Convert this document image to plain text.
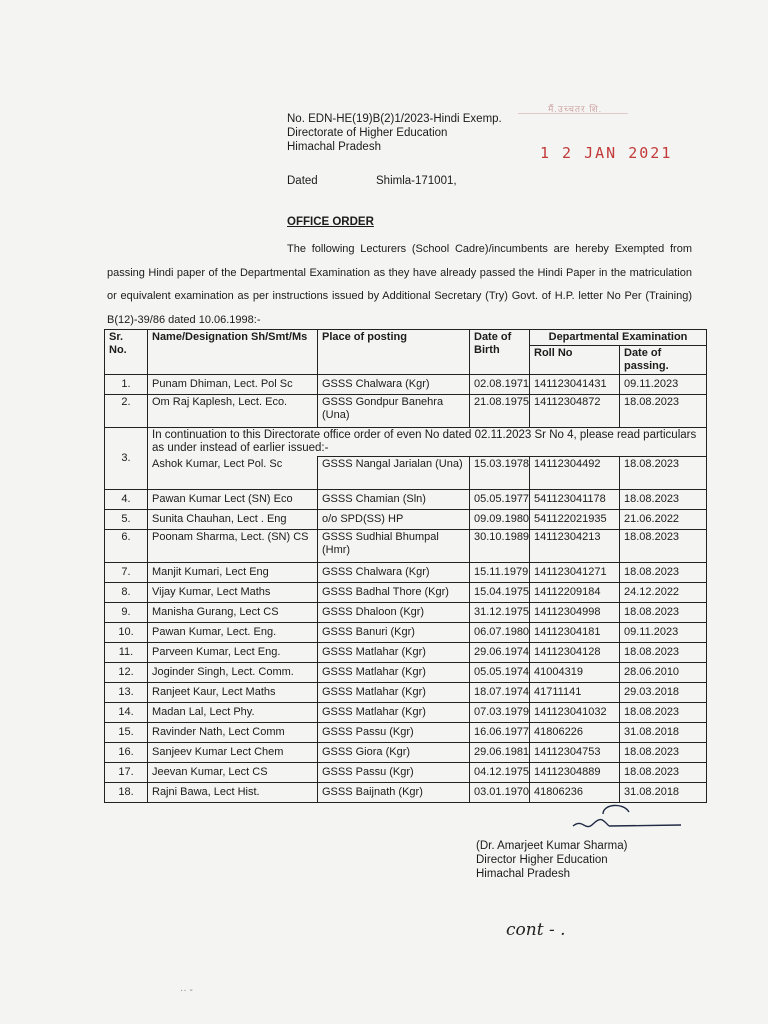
No. EDN-HE(19)B(2)1/2023-Hindi Exemp.
Directorate of Higher Education
Himachal Pradesh
मैं.उच्चतर शि.
1 2 JAN 2021
Dated	Shimla-171001,
OFFICE ORDER
The following Lecturers (School Cadre)/incumbents are hereby Exempted from passing Hindi paper of the Departmental Examination as they have already passed the Hindi Paper in the matriculation or equivalent examination as per instructions issued by Additional Secretary (Try) Govt. of H.P. letter No Per (Training) B(12)-39/86 dated 10.06.1998:-
Sr. No.	Name/Designation Sh/Smt/Ms	Place of posting	Date of Birth	Departmental Examination	
				Roll No	Date of passing.
1.	Punam Dhiman, Lect. Pol Sc	GSSS Chalwara (Kgr)	02.08.1971	141123041431	09.11.2023
2.	Om Raj Kaplesh, Lect. Eco.	GSSS Gondpur Banehra (Una)	21.08.1975	14112304872	18.08.2023
3.	In continuation to this Directorate office order of even No dated 02.11.2023 Sr No 4, please read particulars as under instead of earlier issued:-				
	Ashok Kumar, Lect Pol. Sc	GSSS Nangal Jarialan (Una)	15.03.1978	14112304492	18.08.2023
4.	Pawan Kumar Lect (SN) Eco	GSSS Chamian (Sln)	05.05.1977	541123041178	18.08.2023
5.	Sunita Chauhan, Lect . Eng	o/o SPD(SS) HP	09.09.1980	541122021935	21.06.2022
6.	Poonam Sharma, Lect. (SN) CS	GSSS Sudhial Bhumpal (Hmr)	30.10.1989	14112304213	18.08.2023
7.	Manjit Kumari, Lect Eng	GSSS Chalwara (Kgr)	15.11.1979	141123041271	18.08.2023
8.	Vijay Kumar, Lect Maths	GSSS Badhal Thore (Kgr)	15.04.1975	14112209184	24.12.2022
9.	Manisha Gurang, Lect CS	GSSS Dhaloon (Kgr)	31.12.1975	14112304998	18.08.2023
10.	Pawan Kumar, Lect. Eng.	GSSS Banuri (Kgr)	06.07.1980	14112304181	09.11.2023
11.	Parveen Kumar, Lect Eng.	GSSS Matlahar (Kgr)	29.06.1974	14112304128	18.08.2023
12.	Joginder Singh, Lect. Comm.	GSSS Matlahar (Kgr)	05.05.1974	41004319	28.06.2010
13.	Ranjeet Kaur, Lect Maths	GSSS Matlahar (Kgr)	18.07.1974	41711141	29.03.2018
14.	Madan Lal, Lect Phy.	GSSS Matlahar (Kgr)	07.03.1979	141123041032	18.08.2023
15.	Ravinder Nath, Lect Comm	GSSS Passu (Kgr)	16.06.1977	41806226	31.08.2018
16.	Sanjeev Kumar Lect Chem	GSSS Giora (Kgr)	29.06.1981	14112304753	18.08.2023
17.	Jeevan Kumar, Lect CS	GSSS Passu (Kgr)	04.12.1975	14112304889	18.08.2023
18.	Rajni Bawa, Lect Hist.	GSSS Baijnath (Kgr)	03.01.1970	41806236	31.08.2018
(Dr. Amarjeet Kumar Sharma)
Director Higher Education
Himachal Pradesh
cont - .
·· -
